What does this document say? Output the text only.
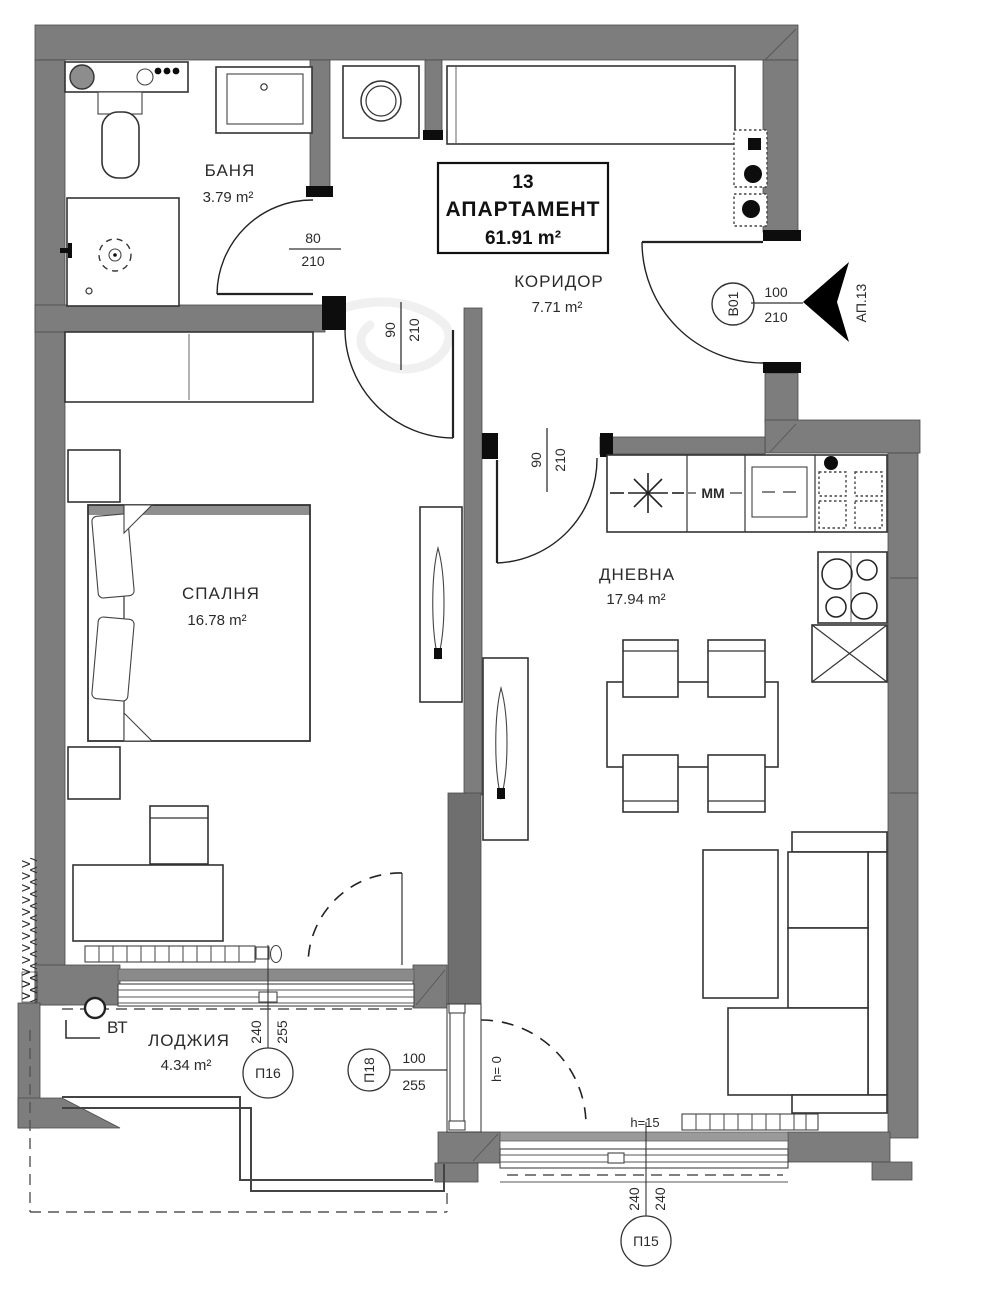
MM
13
АПАРТАМЕНТ
61.91 m²
БАНЯ
3.79 m²
КОРИДОР
7.71 m²
СПАЛНЯ
16.78 m²
ДНЕВНА
17.94 m²
ЛОДЖИЯ
4.34 m²
80
210
90 210
90 210
В01 100
210	АП.13
240 255
П16	П18 100
255
h= 0
240 240
П15
h=15
ВТ
